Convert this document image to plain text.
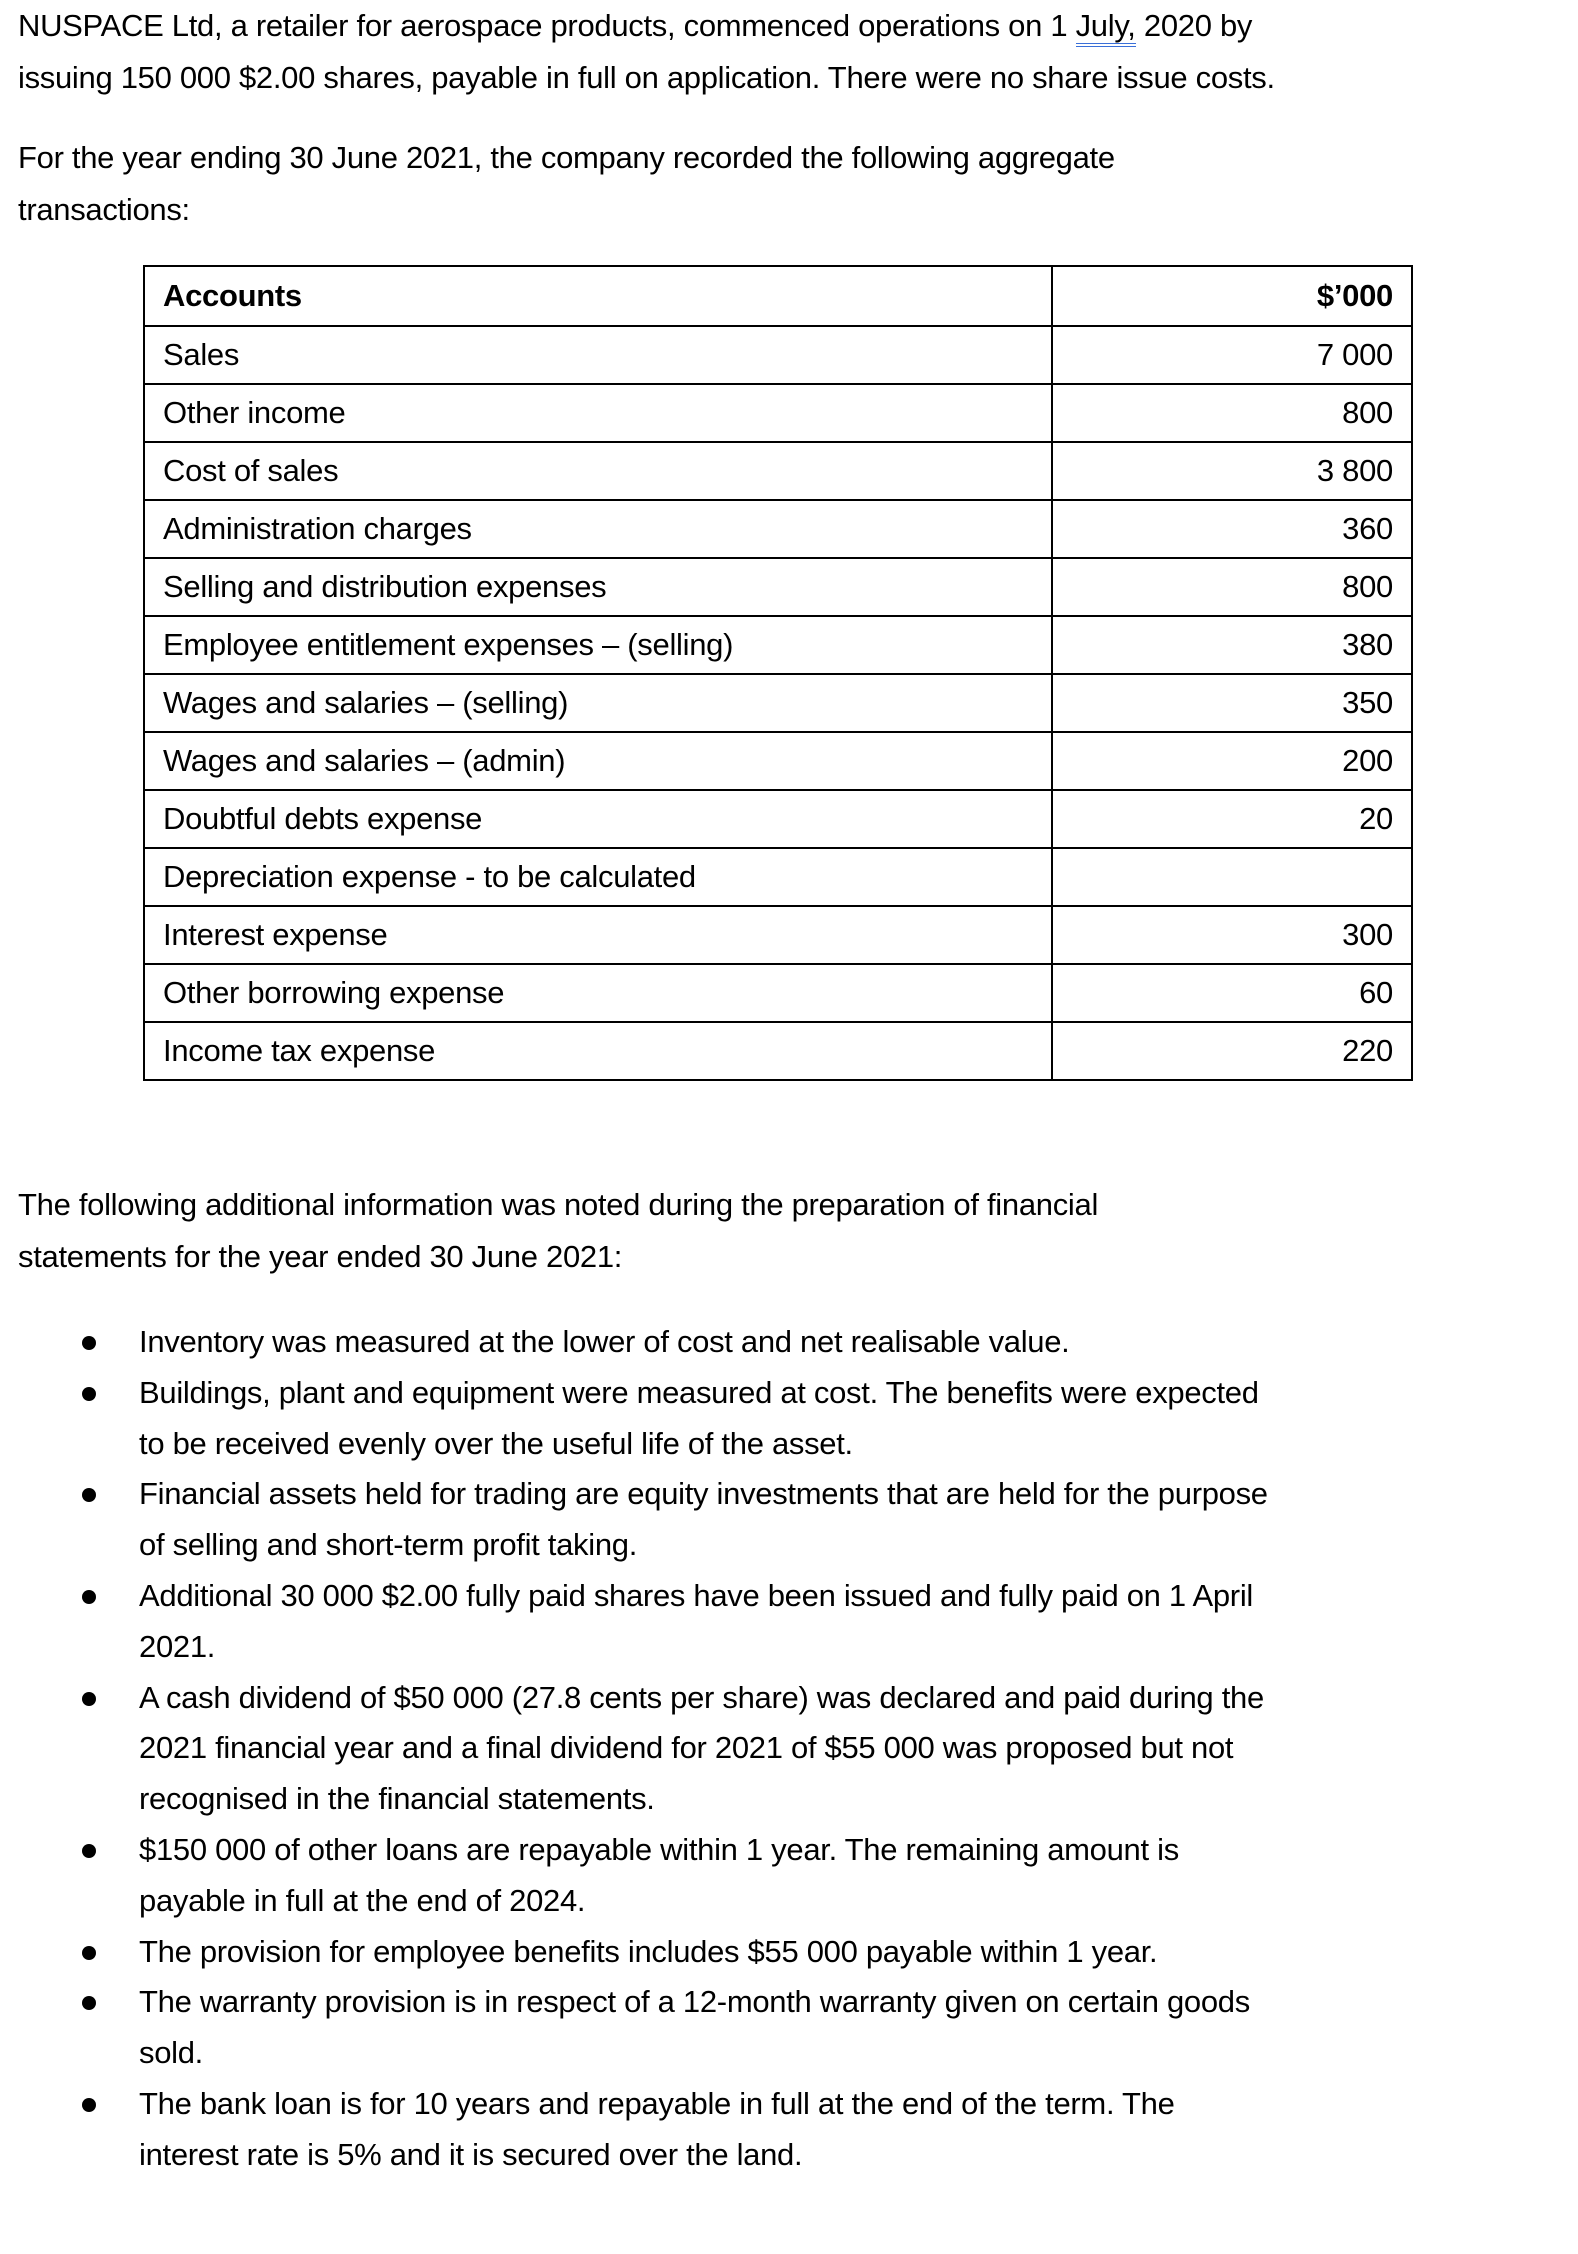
NUSPACE Ltd, a retailer for aerospace products, commenced operations on 1 July, 2020 by
issuing 150 000 $2.00 shares, payable in full on application. There were no share issue costs.
For the year ending 30 June 2021, the company recorded the following aggregate
transactions:
Accounts	$’000
Sales	7 000
Other income	800
Cost of sales	3 800
Administration charges	360
Selling and distribution expenses	800
Employee entitlement expenses – (selling)	380
Wages and salaries – (selling)	350
Wages and salaries – (admin)	200
Doubtful debts expense	20
Depreciation expense - to be calculated	
Interest expense	300
Other borrowing expense	60
Income tax expense	220
The following additional information was noted during the preparation of financial
statements for the year ended 30 June 2021:
Inventory was measured at the lower of cost and net realisable value.
Buildings, plant and equipment were measured at cost. The benefits were expected
to be received evenly over the useful life of the asset.
Financial assets held for trading are equity investments that are held for the purpose
of selling and short-term profit taking.
Additional 30 000 $2.00 fully paid shares have been issued and fully paid on 1 April
2021.
A cash dividend of $50 000 (27.8 cents per share) was declared and paid during the
2021 financial year and a final dividend for 2021 of $55 000 was proposed but not
recognised in the financial statements.
$150 000 of other loans are repayable within 1 year. The remaining amount is
payable in full at the end of 2024.
The provision for employee benefits includes $55 000 payable within 1 year.
The warranty provision is in respect of a 12-month warranty given on certain goods
sold.
The bank loan is for 10 years and repayable in full at the end of the term. The
interest rate is 5% and it is secured over the land.
